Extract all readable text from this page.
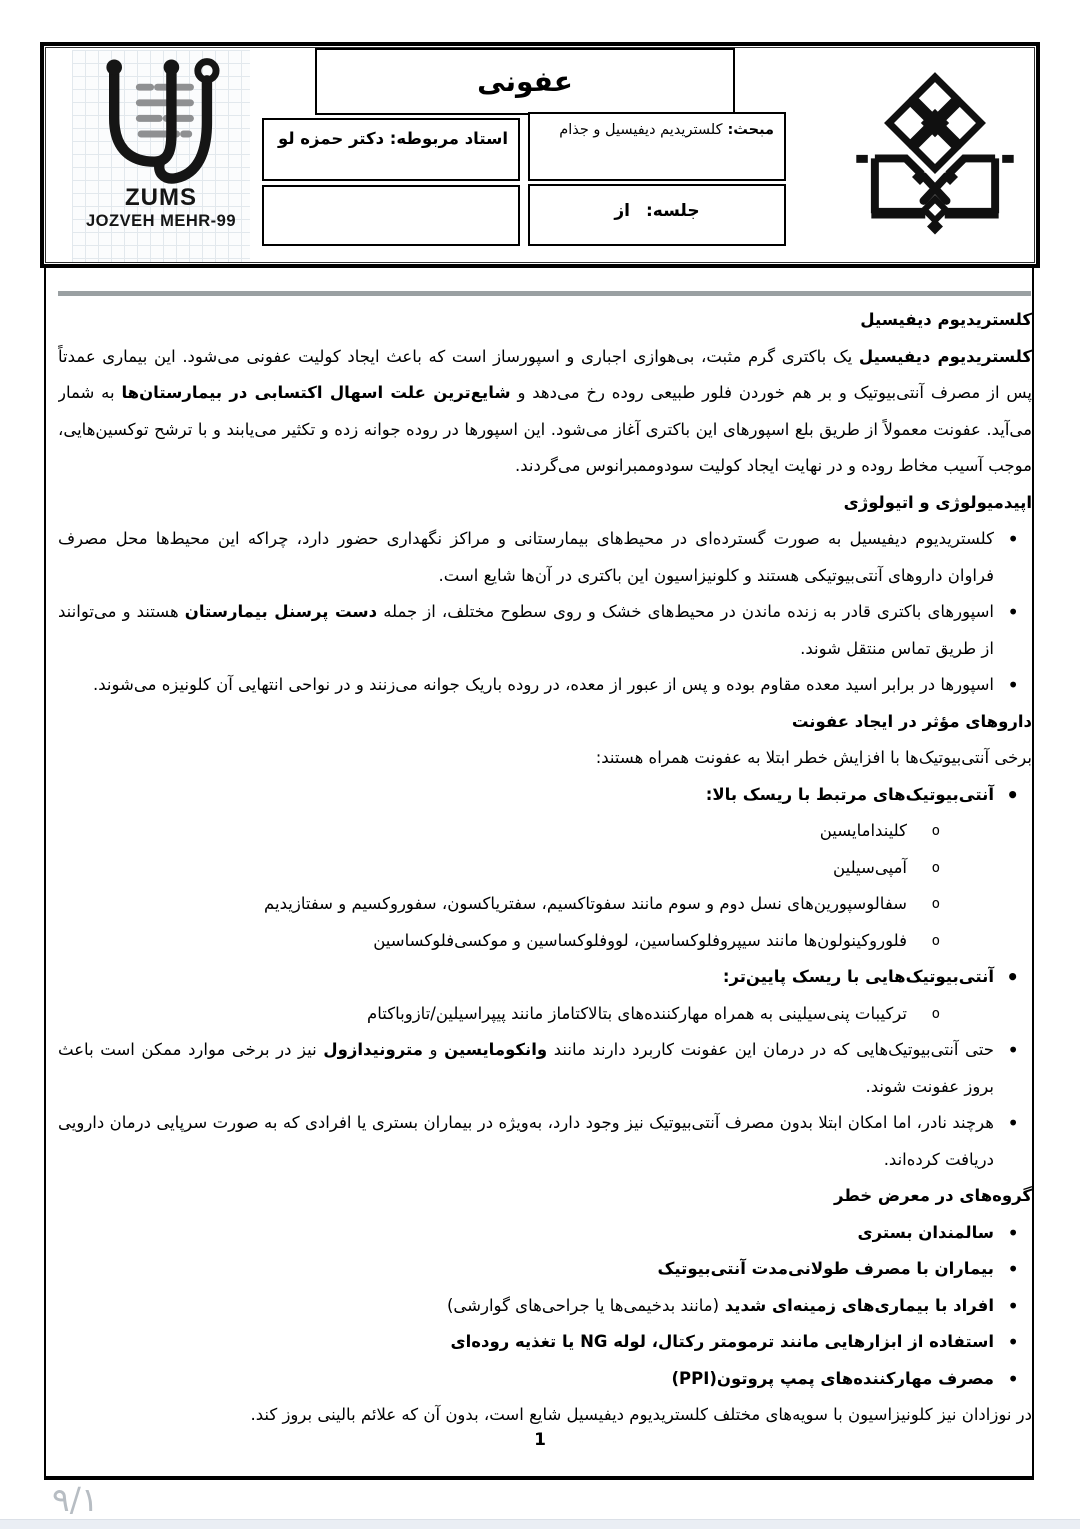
ZUMS
JOZVEH MEHR-99
عفونی
استاد مربوطه: دکتر حمزه لو	مبحث:کلستریدیم دیفیسیل و جذام
جلسه:از
کلستریدیوم دیفیسیل

کلستریدیوم دیفیسیل یک باکتری گرم مثبت، بی‌هوازی اجباری و اسپورساز است که باعث ایجاد کولیت عفونی می‌شود. این بیماری عمدتاً پس از مصرف آنتی‌بیوتیک و بر هم خوردن فلور طبیعی روده رخ می‌دهد و شایع‌ترین علت اسهال اکتسابی در بیمارستان‌ها به شمار می‌آید. عفونت معمولاً از طریق بلع اسپورهای این باکتری آغاز می‌شود. این اسپورها در روده جوانه زده و تکثیر می‌یابند و با ترشح توکسین‌هایی، موجب آسیب مخاط روده و در نهایت ایجاد کولیت سودوممبرانوس می‌گردند.

اپیدمیولوژی و اتیولوژی
• کلستریدیوم دیفیسیل به صورت گسترده‌ای در محیط‌های بیمارستانی و مراکز نگهداری حضور دارد، چراکه این محیط‌ها محل مصرف فراوان داروهای آنتی‌بیوتیکی هستند و کلونیزاسیون این باکتری در آن‌ها شایع است.
• اسپورهای باکتری قادر به زنده ماندن در محیط‌های خشک و روی سطوح مختلف، از جمله دست پرسنل بیمارستان هستند و می‌توانند از طریق تماس منتقل شوند.
• اسپورها در برابر اسید معده مقاوم بوده و پس از عبور از معده، در روده باریک جوانه می‌زنند و در نواحی انتهایی آن کلونیزه می‌شوند.
داروهای مؤثر در ایجاد عفونت

برخی آنتی‌بیوتیک‌ها با افزایش خطر ابتلا به عفونت همراه هستند:

• آنتی‌بیوتیک‌های مرتبط با ریسک بالا:
o کلیندامایسین
o آمپی‌سیلین
o سفالوسپورین‌های نسل دوم و سوم مانند سفوتاکسیم، سفتریاکسون، سفوروکسیم و سفتازیدیم
o فلوروکینولون‌ها مانند سیپروفلوکساسین، لووفلوکساسین و موکسی‌فلوکساسین
• آنتی‌بیوتیک‌هایی با ریسک پایین‌تر:
o ترکیبات پنی‌سیلینی به همراه مهارکننده‌های بتالاکتاماز مانند پیپراسیلین/تازوباکتام
• حتی آنتی‌بیوتیک‌هایی که در درمان این عفونت کاربرد دارند مانند وانکومایسین و مترونیدازول نیز در برخی موارد ممکن است باعث بروز عفونت شوند.
• هرچند نادر، اما امکان ابتلا بدون مصرف آنتی‌بیوتیک نیز وجود دارد، به‌ویژه در بیماران بستری یا افرادی که به صورت سرپایی درمان دارویی دریافت کرده‌اند.
گروه‌های در معرض خطر
• سالمندان بستری
• بیماران با مصرف طولانی‌مدت آنتی‌بیوتیک
• افراد با بیماری‌های زمینه‌ای شدید (مانند بدخیمی‌ها یا جراحی‌های گوارشی)
• استفاده از ابزارهایی مانند ترمومتر رکتال، لوله NG یا تغذیه روده‌ای
• مصرف مهارکننده‌های پمپ پروتون(PPI)

در نوزادان نیز کلونیزاسیون با سویه‌های مختلف کلستریدیوم دیفیسیل شایع است، بدون آن که علائم بالینی بروز کند.

1
۹/۱
